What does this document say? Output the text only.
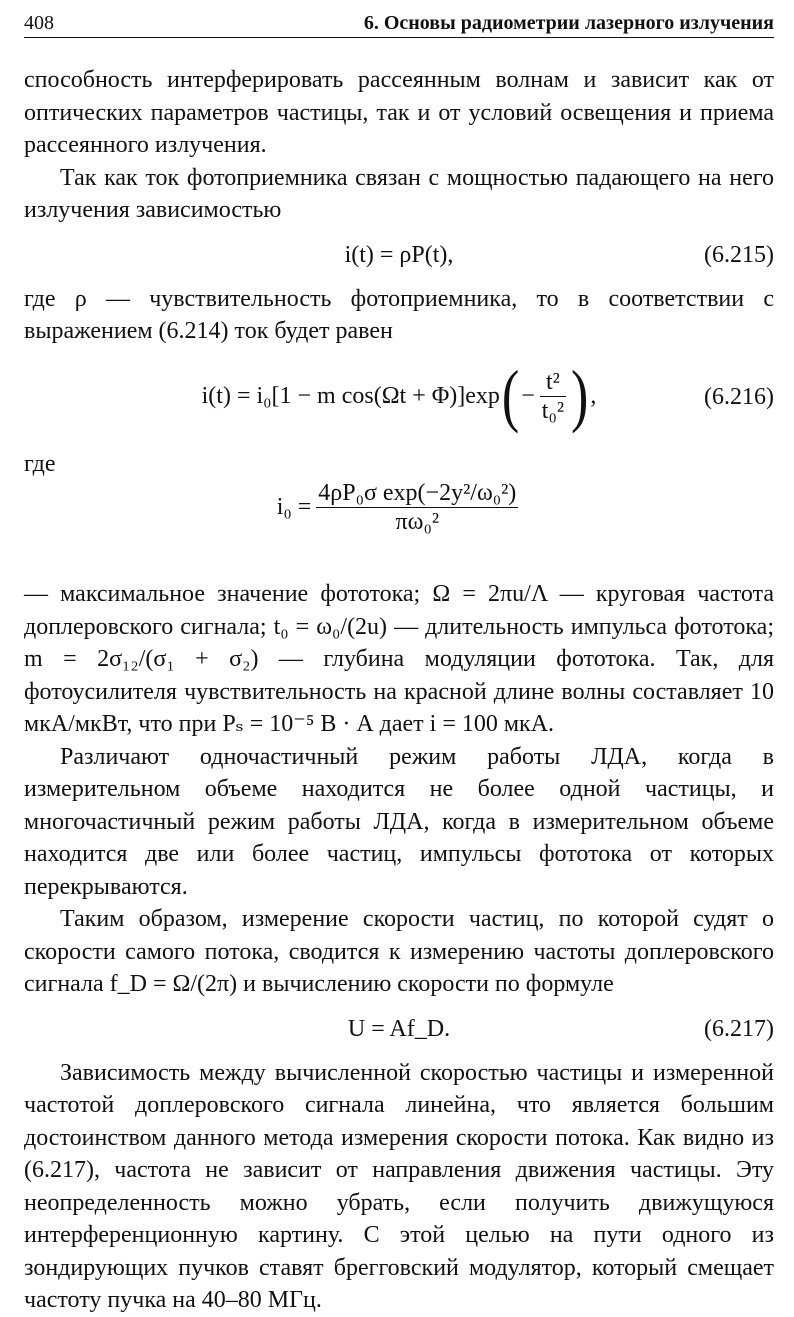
408	6. Основы радиометрии лазерного излучения

способность интерферировать рассеянным волнам и зависит как от оптических параметров частицы, так и от условий освещения и приема рассеянного излучения.

Так как ток фотоприемника связан с мощностью падающего на него излучения зависимостью

i(t) = ρP(t),	(6.215)

где ρ — чувствительность фотоприемника, то в соответствии с выражением (6.214) ток будет равен

i(t) = i₀[1 − m cos(Ωt + Φ)]exp ( − $\frac{\text{t²}}{\text{t₀²}}$ ) ,	(6.216)

где

$i_0 = \frac{\text{4ρP₀σ exp(−2y²/ω₀²)}}{\text{πω₀²}}$

— максимальное значение фототока; Ω = 2πu/Λ — круговая частота доплеровского сигнала; t₀ = ω₀/(2u) — длительность импульса фототока; m = 2σ₁₂/(σ₁ + σ₂) — глубина модуляции фототока. Так, для фотоусилителя чувствительность на красной длине волны составляет 10 мкА/мкВт, что при Pₛ = 10⁻⁵ В · А дает i = 100 мкА.

Различают одночастичный режим работы ЛДА, когда в измерительном объеме находится не более одной частицы, и многочастичный режим работы ЛДА, когда в измерительном объеме находится две или более частиц, импульсы фототока от которых перекрываются.

Таким образом, измерение скорости частиц, по которой судят о скорости самого потока, сводится к измерению частоты доплеровского сигнала f_D = Ω/(2π) и вычислению скорости по формуле

U = Af_D.	(6.217)

Зависимость между вычисленной скоростью частицы и измеренной частотой доплеровского сигнала линейна, что является большим достоинством данного метода измерения скорости потока. Как видно из (6.217), частота не зависит от направления движения частицы. Эту неопределенность можно убрать, если получить движущуюся интерференционную картину. С этой целью на пути одного из зондирующих пучков ставят брегговский модулятор, который смещает частоту пучка на 40–80 МГц.
